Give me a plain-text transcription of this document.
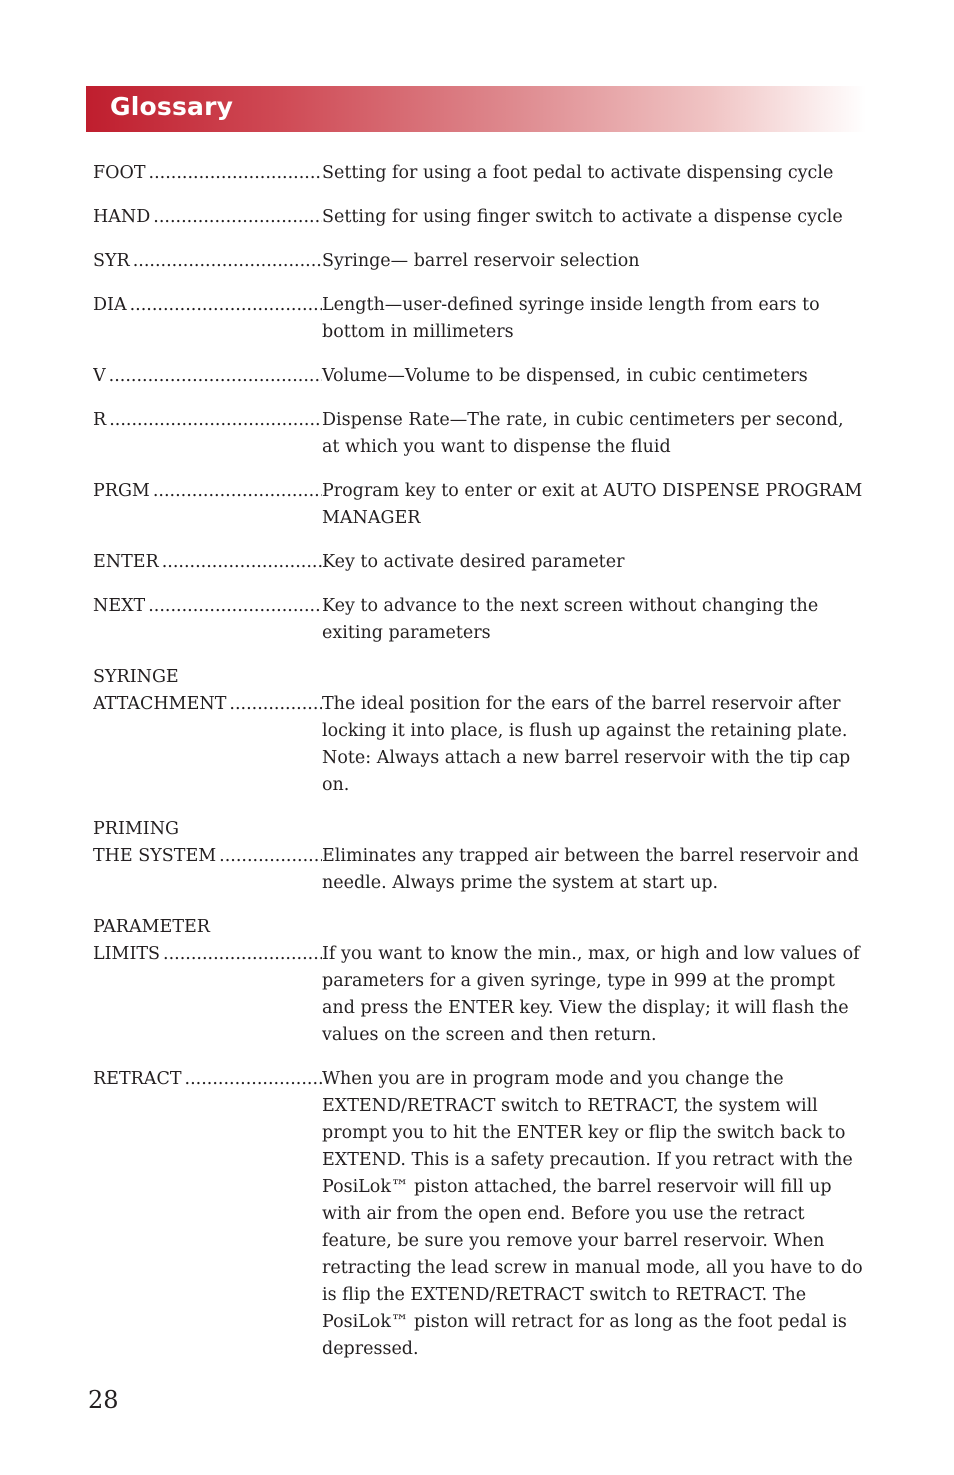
Glossary
FOOT .....	Setting for using a foot pedal to activate dispensing cycle
HAND .....	Setting for using finger switch to activate a dispense cycle
SYR .....	Syringe— barrel reservoir selection
DIA .....	Length—user-defined syringe inside length from ears to bottom in millimeters
V .....	Volume—Volume to be dispensed, in cubic centimeters
R .....	Dispense Rate—The rate, in cubic centimeters per second, at which you want to dispense the fluid
PRGM .....	Program key to enter or exit at AUTO DISPENSE PROGRAM MANAGER
ENTER .....	Key to activate desired parameter
NEXT .....	Key to advance to the next screen without changing the exiting parameters
SYRINGE
ATTACHMENT .....	The ideal position for the ears of the barrel reservoir after locking it into place, is flush up against the retaining plate. Note: Always attach a new barrel reservoir with the tip cap on.
PRIMING
THE SYSTEM .....	Eliminates any trapped air between the barrel reservoir and needle. Always prime the system at start up.
PARAMETER
LIMITS .....	If you want to know the min., max, or high and low values of parameters for a given syringe, type in 999 at the prompt and press the ENTER key. View the display; it will flash the values on the screen and then return.
RETRACT .....	When you are in program mode and you change the EXTEND/RETRACT switch to RETRACT, the system will prompt you to hit the ENTER key or flip the switch back to EXTEND. This is a safety precaution. If you retract with the PosiLok™ piston attached, the barrel reservoir will fill up with air from the open end. Before you use the retract feature, be sure you remove your barrel reservoir. When retracting the lead screw in manual mode, all you have to do is flip the EXTEND/RETRACT switch to RETRACT. The PosiLok™ piston will retract for as long as the foot pedal is depressed.
28
